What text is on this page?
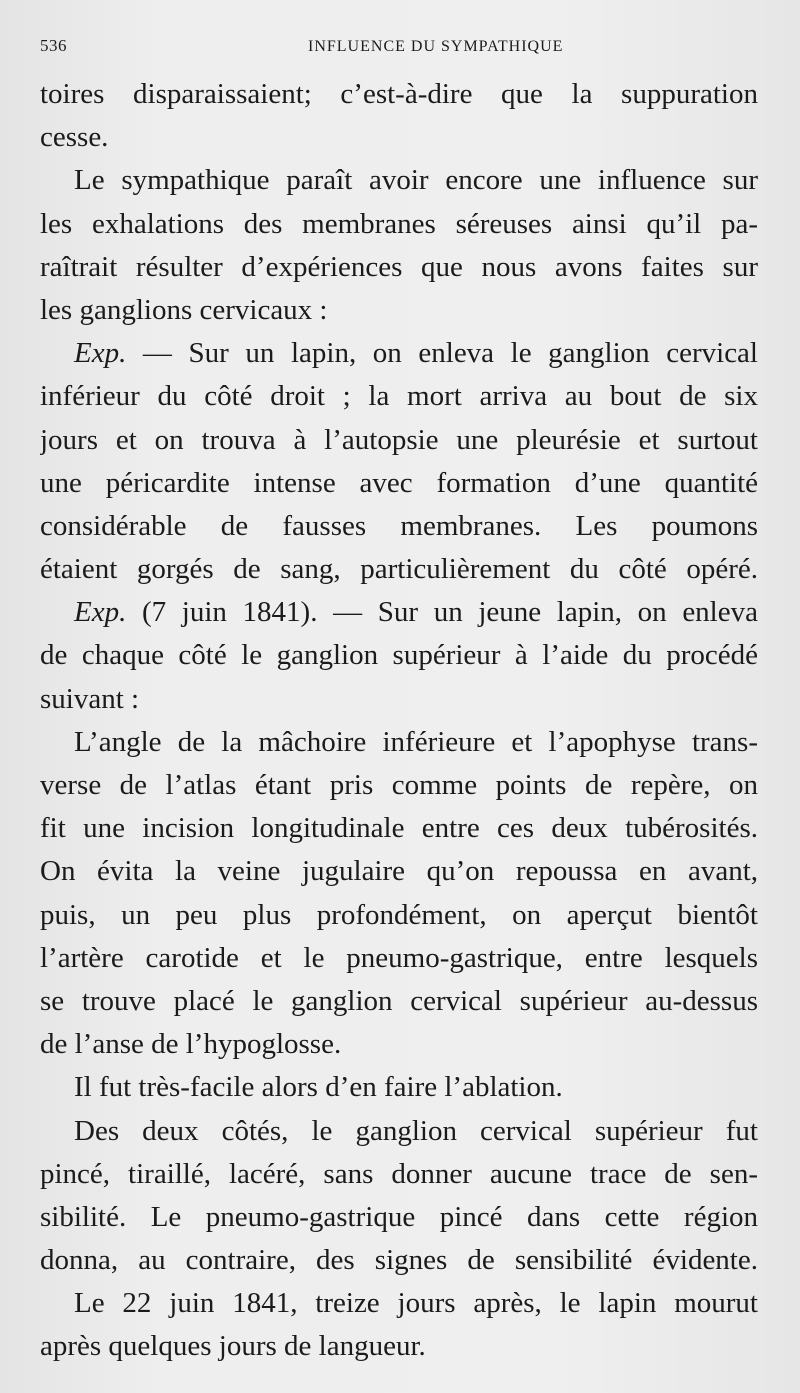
536	INFLUENCE DU SYMPATHIQUE
toires disparaissaient; c’est-à-dire que la suppuration
cesse.
Le sympathique paraît avoir encore une influence sur
les exhalations des membranes séreuses ainsi qu’il pa-
raîtrait résulter d’expériences que nous avons faites sur
les ganglions cervicaux :
Exp. — Sur un lapin, on enleva le ganglion cervical
inférieur du côté droit ; la mort arriva au bout de six
jours et on trouva à l’autopsie une pleurésie et surtout
une péricardite intense avec formation d’une quantité
considérable de fausses membranes. Les poumons
étaient gorgés de sang, particulièrement du côté opéré.
Exp. (7 juin 1841). — Sur un jeune lapin, on enleva
de chaque côté le ganglion supérieur à l’aide du procédé
suivant :
L’angle de la mâchoire inférieure et l’apophyse trans-
verse de l’atlas étant pris comme points de repère, on
fit une incision longitudinale entre ces deux tubérosités.
On évita la veine jugulaire qu’on repoussa en avant,
puis, un peu plus profondément, on aperçut bientôt
l’artère carotide et le pneumo-gastrique, entre lesquels
se trouve placé le ganglion cervical supérieur au-dessus
de l’anse de l’hypoglosse.
Il fut très-facile alors d’en faire l’ablation.
Des deux côtés, le ganglion cervical supérieur fut
pincé, tiraillé, lacéré, sans donner aucune trace de sen-
sibilité. Le pneumo-gastrique pincé dans cette région
donna, au contraire, des signes de sensibilité évidente.
Le 22 juin 1841, treize jours après, le lapin mourut
après quelques jours de langueur.
